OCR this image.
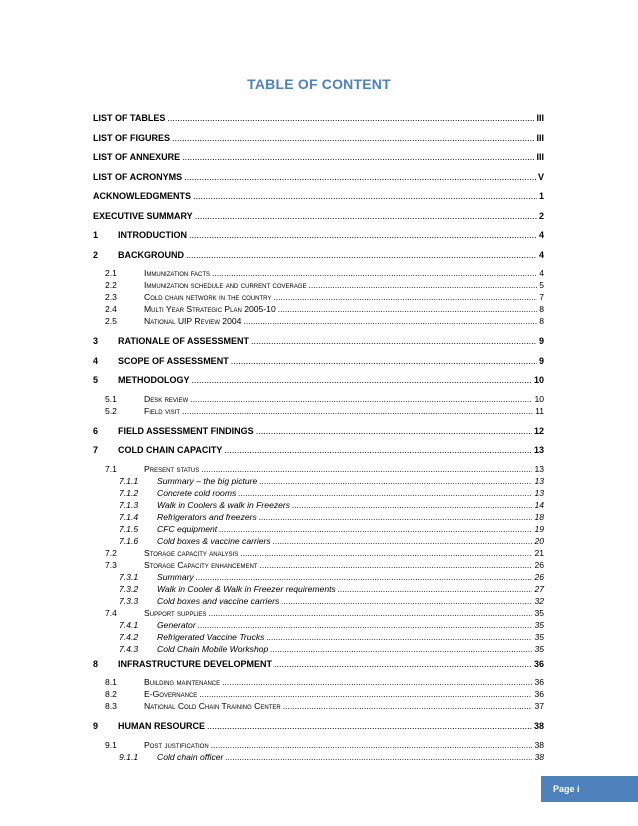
TABLE OF CONTENT
LIST OF TABLES .....	III
LIST OF FIGURES .....	III
LIST OF ANNEXURE .....	III
LIST OF ACRONYMS .....	V
ACKNOWLEDGMENTS .....	1
EXECUTIVE SUMMARY .....	2
1	INTRODUCTION .....	4
2	BACKGROUND .....	4
2.1	Immunization facts .....	4
2.2	Immunization schedule and current coverage .....	5
2.3	Cold chain network in the country .....	7
2.4	Multi Year Strategic Plan 2005-10 .....	8
2.5	National UIP Review 2004 .....	8
3	RATIONALE OF ASSESSMENT .....	9
4	SCOPE OF ASSESSMENT .....	9
5	METHODOLOGY .....	10
5.1	Desk review .....	10
5.2	Field visit .....	11
6	FIELD ASSESSMENT FINDINGS .....	12
7	COLD CHAIN CAPACITY .....	13
7.1	Present status .....	13
7.1.1	Summary – the big picture .....	13
7.1.2	Concrete cold rooms .....	13
7.1.3	Walk in Coolers & walk in Freezers .....	14
7.1.4	Refrigerators and freezers .....	18
7.1.5	CFC equipment .....	19
7.1.6	Cold boxes & vaccine carriers .....	20
7.2	Storage capacity analysis .....	21
7.3	Storage Capacity enhancement .....	26
7.3.1	Summary .....	26
7.3.2	Walk in Cooler & Walk in Freezer requirements .....	27
7.3.3	Cold boxes and vaccine carriers .....	32
7.4	Support supplies .....	35
7.4.1	Generator .....	35
7.4.2	Refrigerated Vaccine Trucks .....	35
7.4.3	Cold Chain Mobile Workshop .....	35
8	INFRASTRUCTURE DEVELOPMENT .....	36
8.1	Building maintenance .....	36
8.2	E-Governance .....	36
8.3	National Cold Chain Training Center .....	37
9	HUMAN RESOURCE .....	38
9.1	Post justification .....	38
9.1.1	Cold chain officer .....	38
Page i
